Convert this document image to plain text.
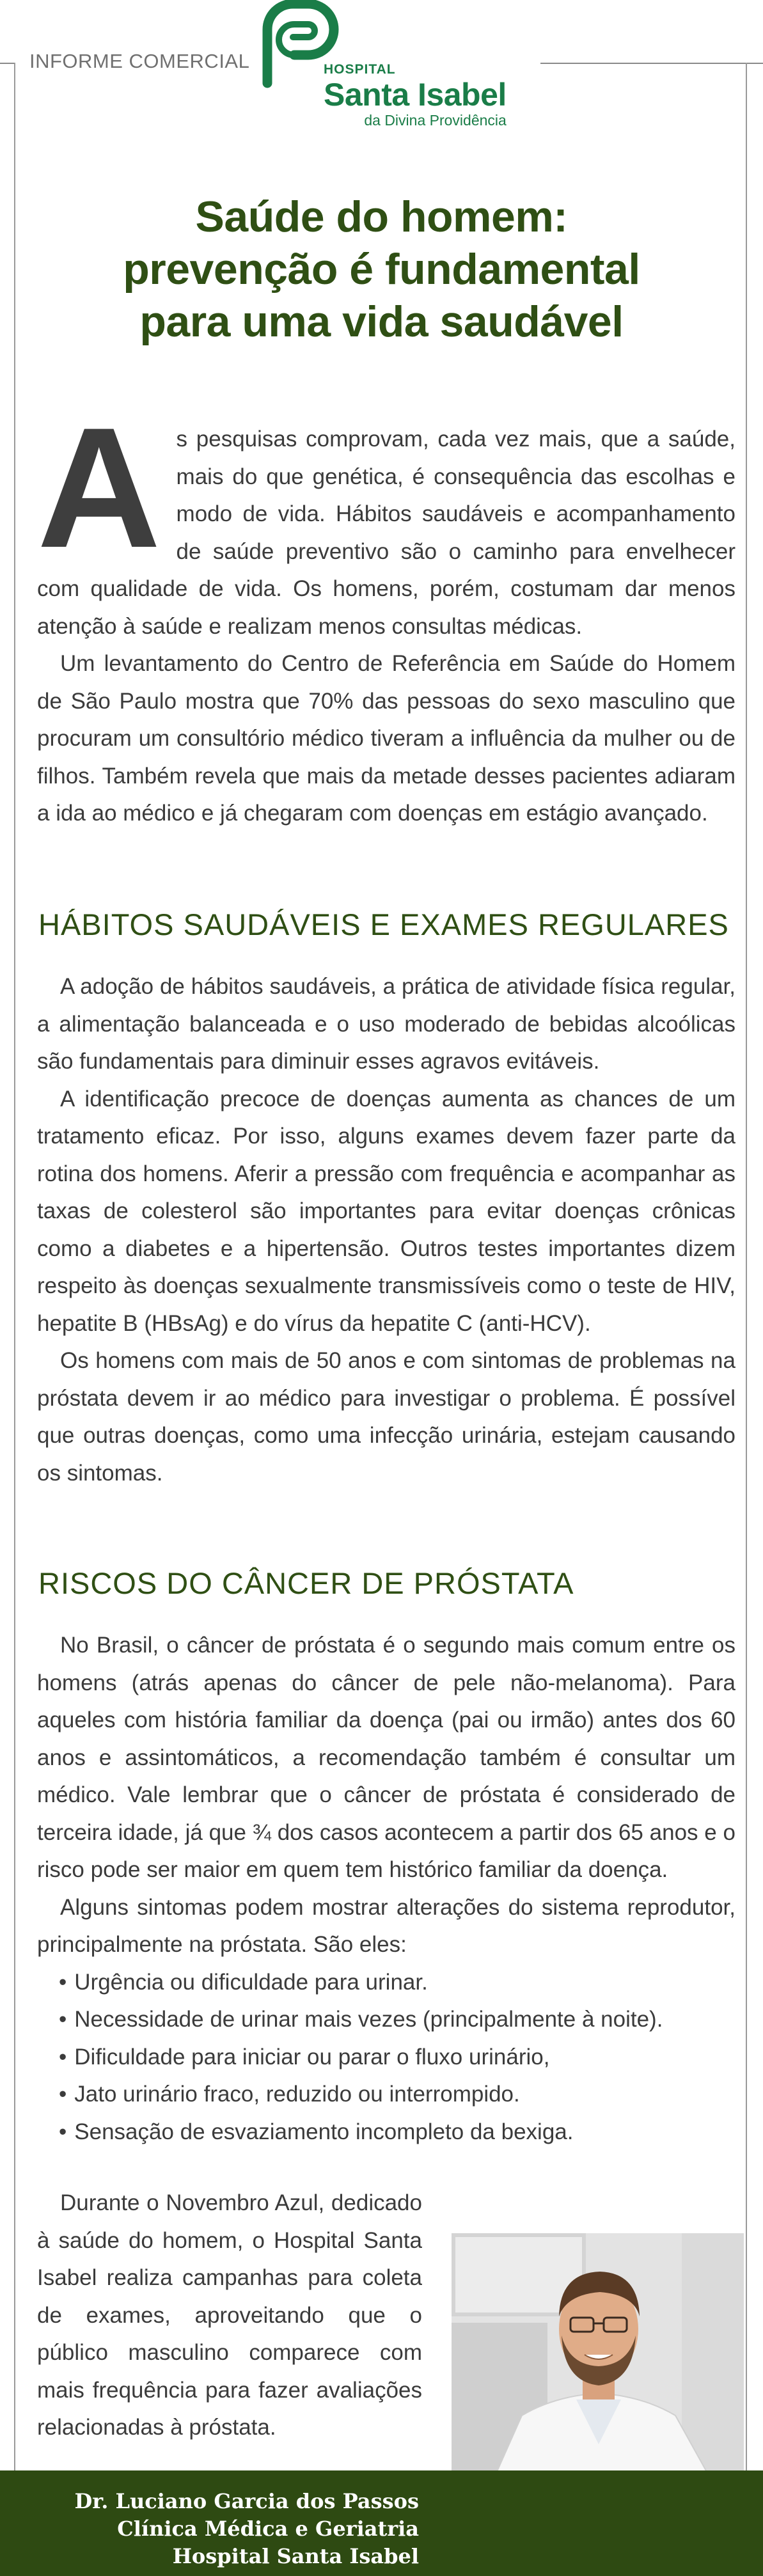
INFORME COMERCIAL	HOSPITAL
Santa Isabel
da Divina Providência
Saúde do homem:
prevenção é fundamental
para uma vida saudável
A s pesquisas comprovam, cada vez mais, que a saúde, mais do que genética, é consequência das escolhas e modo de vida. Hábitos saudáveis e acompanhamento de saúde preventivo são o caminho para envelhecer com qualidade de vida. Os homens, porém, costumam dar menos atenção à saúde e realizam menos consultas médicas.

Um levantamento do Centro de Referência em Saúde do Homem de São Paulo mostra que 70% das pessoas do sexo masculino que procuram um consultório médico tiveram a influência da mulher ou de filhos. Também revela que mais da metade desses pacientes adiaram a ida ao médico e já chegaram com doenças em estágio avançado.

HÁBITOS SAUDÁVEIS E EXAMES REGULARES

A adoção de hábitos saudáveis, a prática de atividade física regular, a alimentação balanceada e o uso moderado de bebidas alcoólicas são fundamentais para diminuir esses agravos evitáveis.

A identificação precoce de doenças aumenta as chances de um tratamento eficaz. Por isso, alguns exames devem fazer parte da rotina dos homens. Aferir a pressão com frequência e acompanhar as taxas de colesterol são importantes para evitar doenças crônicas como a diabetes e a hipertensão. Outros testes importantes dizem respeito às doenças sexualmente transmissíveis como o teste de HIV, hepatite B (HBsAg) e do vírus da hepatite C (anti-HCV).

Os homens com mais de 50 anos e com sintomas de problemas na próstata devem ir ao médico para investigar o problema. É possível que outras doenças, como uma infecção urinária, estejam causando os sintomas.

RISCOS DO CÂNCER DE PRÓSTATA

No Brasil, o câncer de próstata é o segundo mais comum entre os homens (atrás apenas do câncer de pele não-melanoma). Para aqueles com história familiar da doença (pai ou irmão) antes dos 60 anos e assintomáticos, a recomendação também é consultar um médico. Vale lembrar que o câncer de próstata é considerado de terceira idade, já que ¾ dos casos acontecem a partir dos 65 anos e o risco pode ser maior em quem tem histórico familiar da doença.

Alguns sintomas podem mostrar alterações do sistema reprodutor, principalmente na próstata. São eles:

• Urgência ou dificuldade para urinar.
• Necessidade de urinar mais vezes (principalmente à noite).
• Dificuldade para iniciar ou parar o fluxo urinário,
• Jato urinário fraco, reduzido ou interrompido.
• Sensação de esvaziamento incompleto da bexiga.

Durante o Novembro Azul, dedicado à saúde do homem, o Hospital Santa Isabel realiza campanhas para coleta de exames, aproveitando que o público masculino comparece com mais frequência para fazer avaliações relacionadas à próstata.

Dr. Luciano Garcia dos Passos
Clínica Médica e Geriatria
Hospital Santa Isabel
